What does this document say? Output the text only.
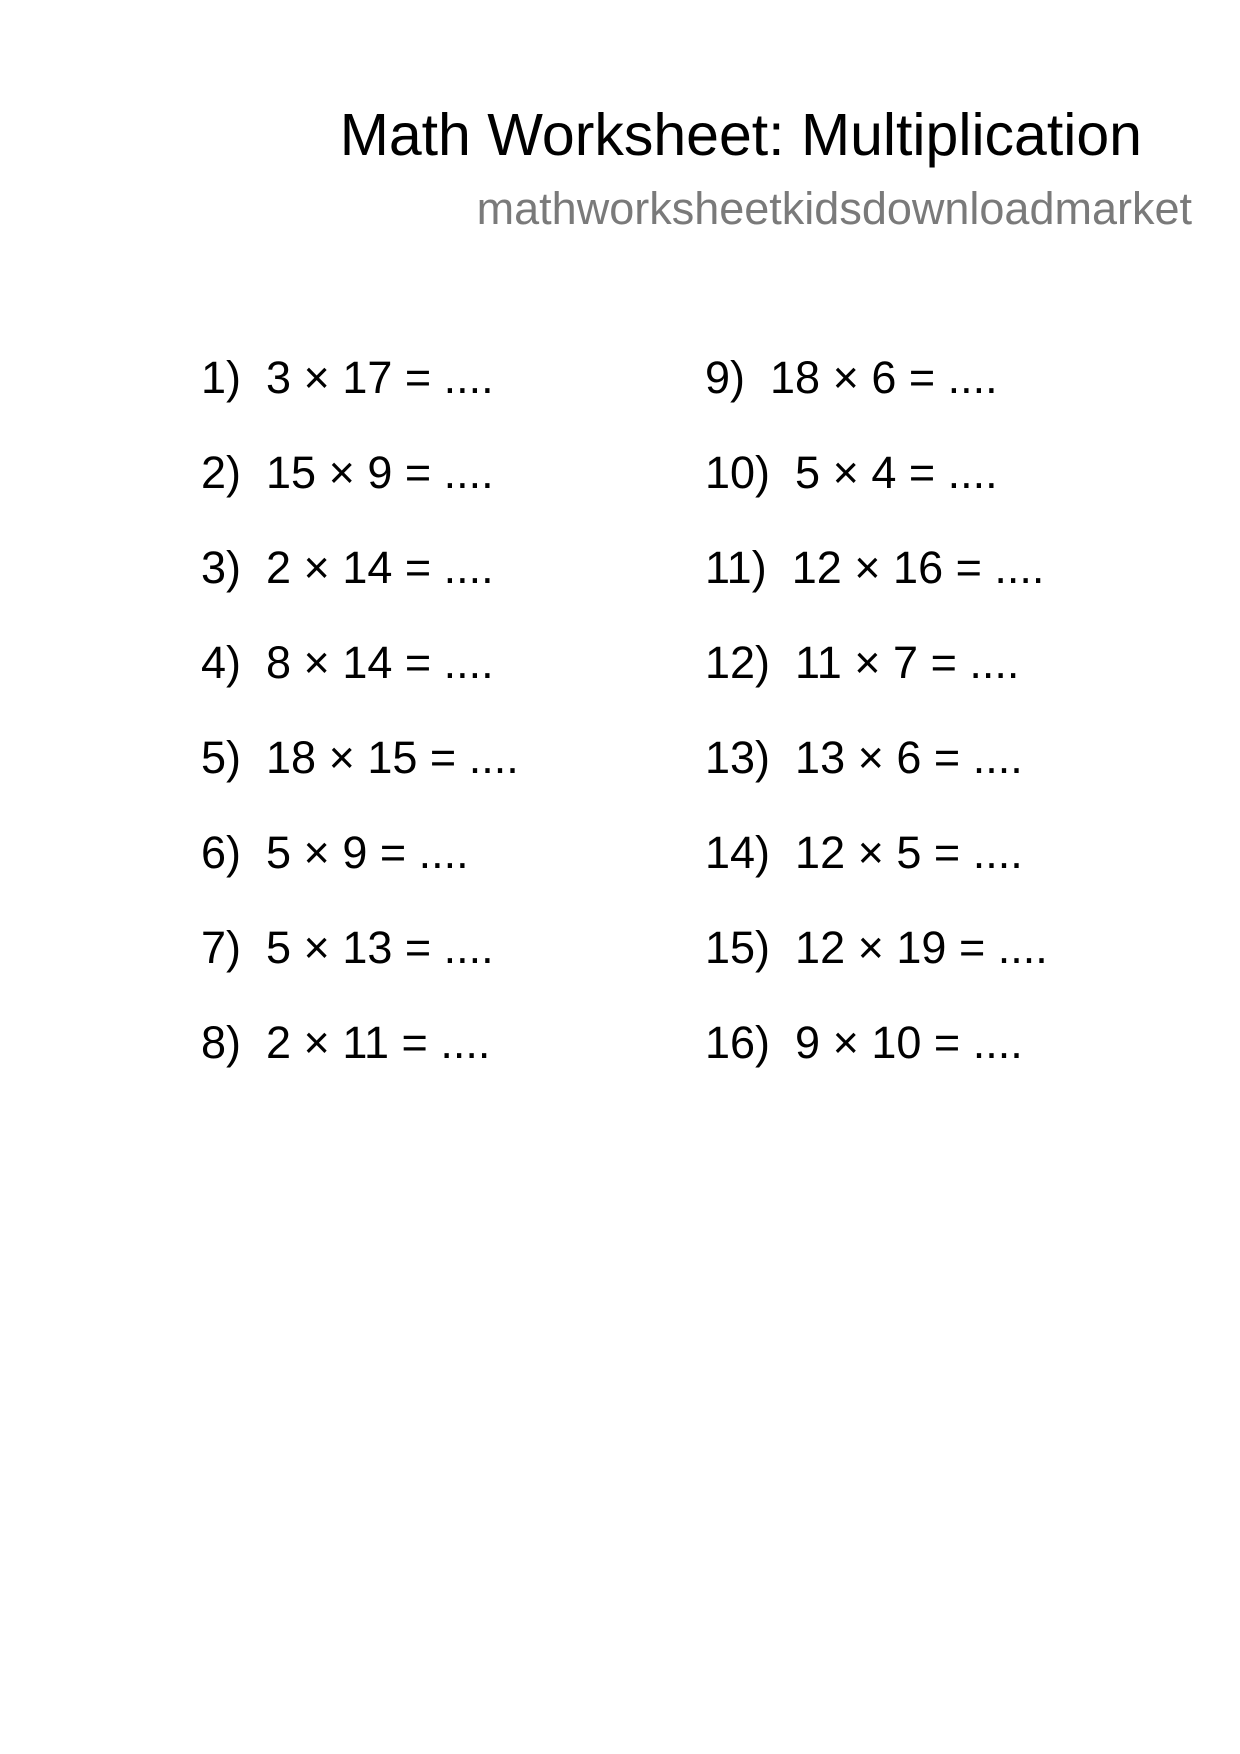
Math Worksheet: Multiplication
mathworksheetkidsdownloadmarket
1)  3 × 17 = ....
2)  15 × 9 = ....
3)  2 × 14 = ....
4)  8 × 14 = ....
5)  18 × 15 = ....
6)  5 × 9 = ....
7)  5 × 13 = ....
8)  2 × 11 = ....
9)  18 × 6 = ....
10)  5 × 4 = ....
11)  12 × 16 = ....
12)  11 × 7 = ....
13)  13 × 6 = ....
14)  12 × 5 = ....
15)  12 × 19 = ....
16)  9 × 10 = ....
